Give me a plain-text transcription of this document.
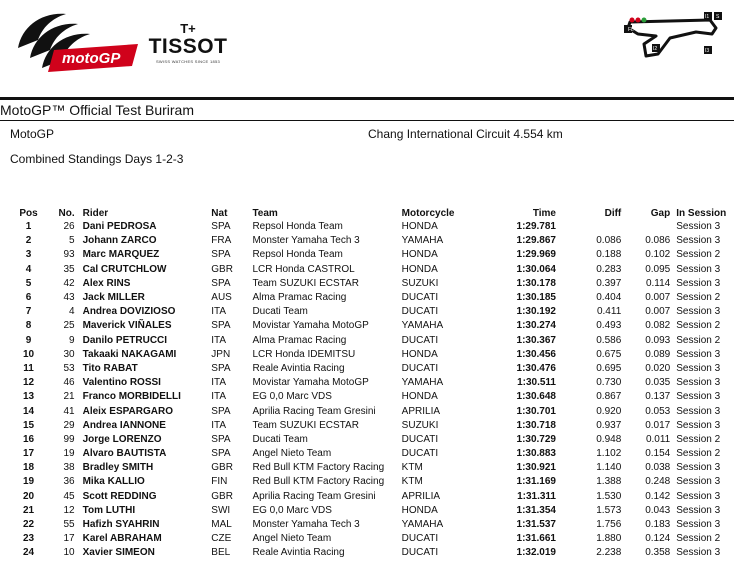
motoGP
T+
TISSOT
SWISS WATCHES SINCE 1853
FL
I1 S
I2	I3
MotoGP™ Official Test Buriram
MotoGP	Chang International Circuit 4.554 km
Combined Standings Days 1-2-3
Pos	No.	Rider	Nat	Team	Motorcycle	Time	Diff	Gap	In Session
1	26	Dani PEDROSA	SPA	Repsol Honda Team	HONDA	1:29.781			Session 3
2	5	Johann ZARCO	FRA	Monster Yamaha Tech 3	YAMAHA	1:29.867	0.086	0.086	Session 3
3	93	Marc MARQUEZ	SPA	Repsol Honda Team	HONDA	1:29.969	0.188	0.102	Session 2
4	35	Cal CRUTCHLOW	GBR	LCR Honda CASTROL	HONDA	1:30.064	0.283	0.095	Session 3
5	42	Alex RINS	SPA	Team SUZUKI ECSTAR	SUZUKI	1:30.178	0.397	0.114	Session 3
6	43	Jack MILLER	AUS	Alma Pramac Racing	DUCATI	1:30.185	0.404	0.007	Session 2
7	4	Andrea DOVIZIOSO	ITA	Ducati Team	DUCATI	1:30.192	0.411	0.007	Session 3
8	25	Maverick VIÑALES	SPA	Movistar Yamaha MotoGP	YAMAHA	1:30.274	0.493	0.082	Session 2
9	9	Danilo PETRUCCI	ITA	Alma Pramac Racing	DUCATI	1:30.367	0.586	0.093	Session 2
10	30	Takaaki NAKAGAMI	JPN	LCR Honda IDEMITSU	HONDA	1:30.456	0.675	0.089	Session 3
11	53	Tito RABAT	SPA	Reale Avintia Racing	DUCATI	1:30.476	0.695	0.020	Session 3
12	46	Valentino ROSSI	ITA	Movistar Yamaha MotoGP	YAMAHA	1:30.511	0.730	0.035	Session 3
13	21	Franco MORBIDELLI	ITA	EG 0,0 Marc VDS	HONDA	1:30.648	0.867	0.137	Session 3
14	41	Aleix ESPARGARO	SPA	Aprilia Racing Team Gresini	APRILIA	1:30.701	0.920	0.053	Session 3
15	29	Andrea IANNONE	ITA	Team SUZUKI ECSTAR	SUZUKI	1:30.718	0.937	0.017	Session 3
16	99	Jorge LORENZO	SPA	Ducati Team	DUCATI	1:30.729	0.948	0.011	Session 2
17	19	Alvaro BAUTISTA	SPA	Angel Nieto Team	DUCATI	1:30.883	1.102	0.154	Session 2
18	38	Bradley SMITH	GBR	Red Bull KTM Factory Racing	KTM	1:30.921	1.140	0.038	Session 3
19	36	Mika KALLIO	FIN	Red Bull KTM Factory Racing	KTM	1:31.169	1.388	0.248	Session 3
20	45	Scott REDDING	GBR	Aprilia Racing Team Gresini	APRILIA	1:31.311	1.530	0.142	Session 3
21	12	Tom LUTHI	SWI	EG 0,0 Marc VDS	HONDA	1:31.354	1.573	0.043	Session 3
22	55	Hafizh SYAHRIN	MAL	Monster Yamaha Tech 3	YAMAHA	1:31.537	1.756	0.183	Session 3
23	17	Karel ABRAHAM	CZE	Angel Nieto Team	DUCATI	1:31.661	1.880	0.124	Session 2
24	10	Xavier SIMEON	BEL	Reale Avintia Racing	DUCATI	1:32.019	2.238	0.358	Session 3
